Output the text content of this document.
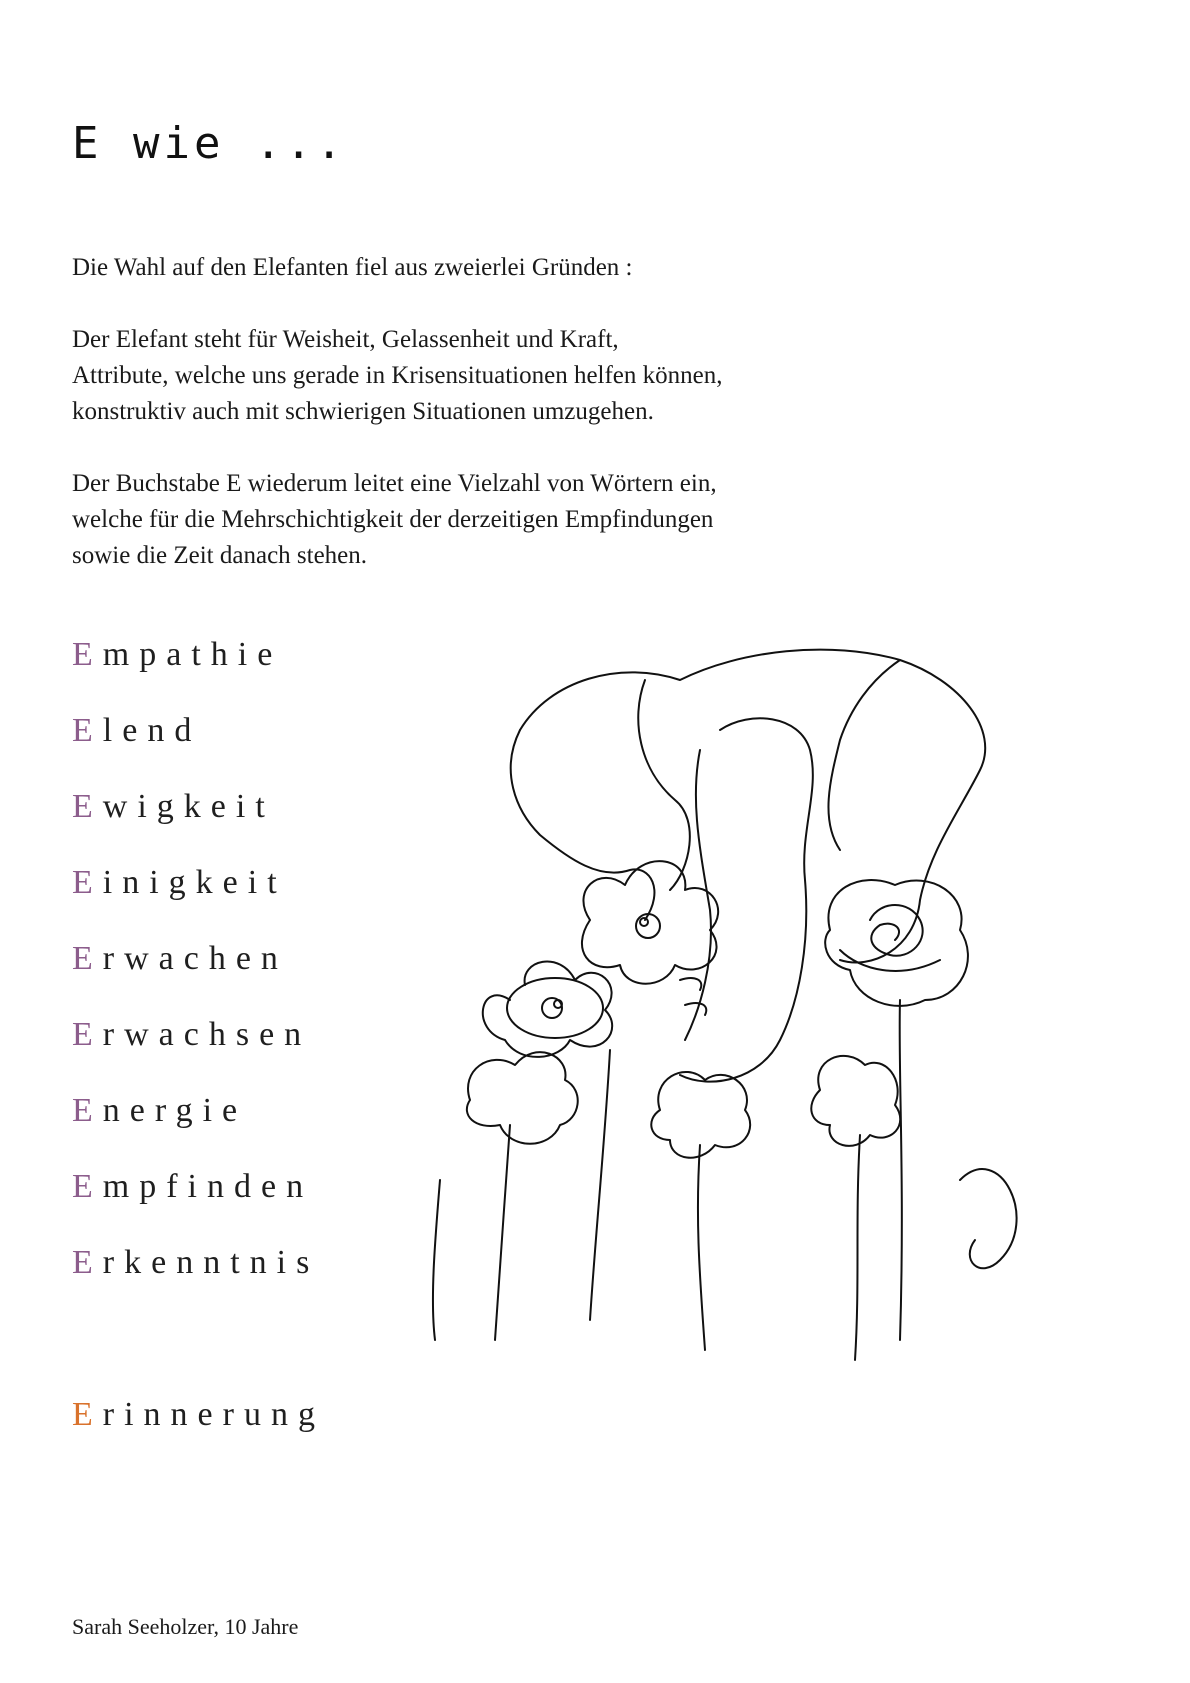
E wie ...

Die Wahl auf den Elefanten fiel aus zweierlei Gründen :

Der Elefant steht für Weisheit, Gelassenheit und Kraft,
Attribute, welche uns gerade in Krisensituationen helfen können,
konstruktiv auch mit schwierigen Situationen umzugehen.

Der Buchstabe E wiederum leitet eine Vielzahl von Wörtern ein,
welche für die Mehrschichtigkeit der derzeitigen Empfindungen
sowie die Zeit danach stehen.

Empathie

Elend

Ewigkeit

Einigkeit

Erwachen

Erwachsen

Energie

Empfinden

Erkenntnis

Erinnerung

Sarah Seeholzer, 10 Jahre
